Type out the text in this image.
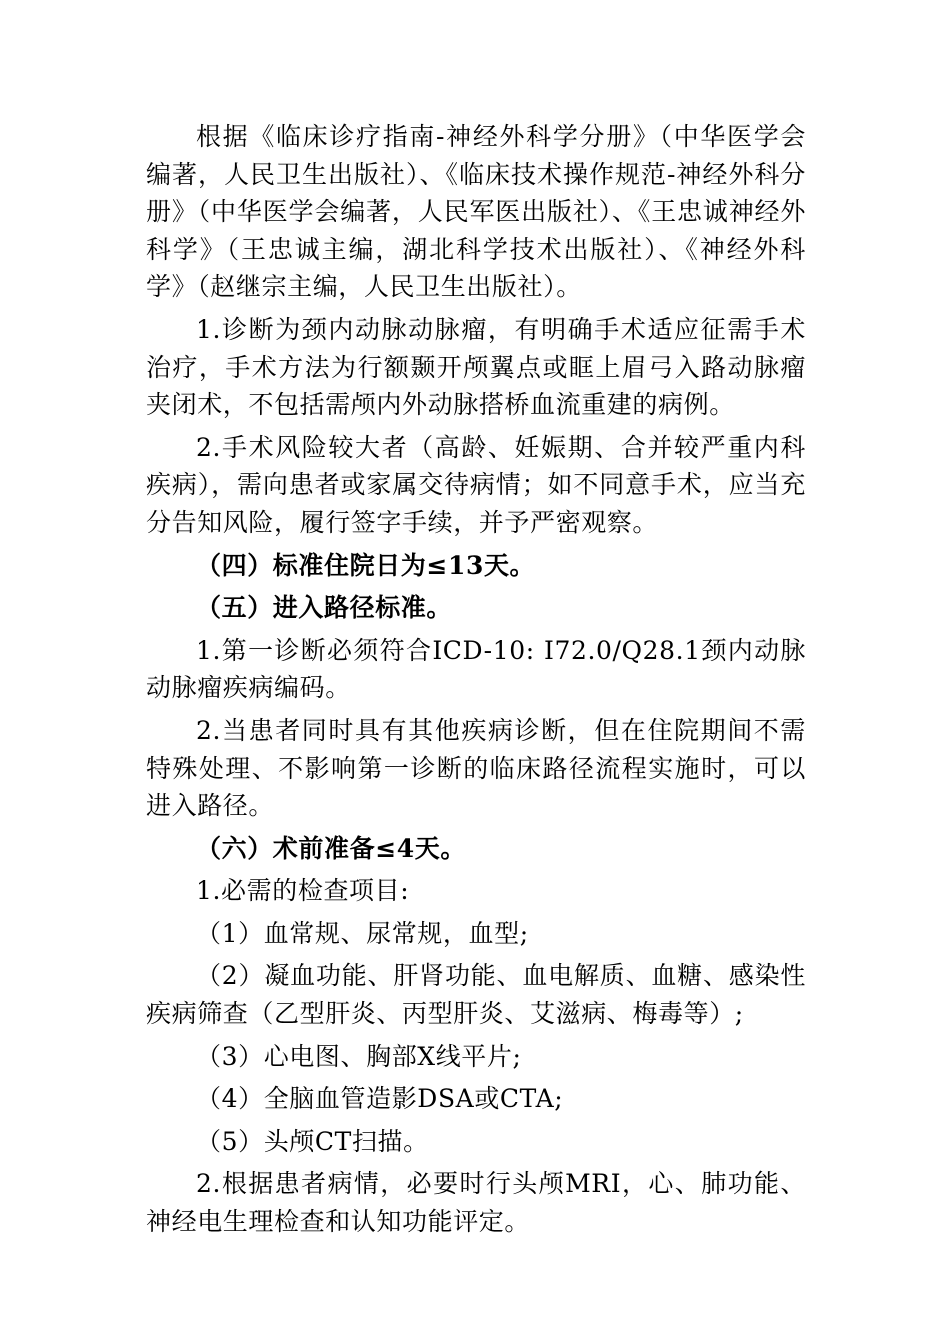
根据《临床诊疗指南-神经外科学分册》（中华医学会编著，人民卫生出版社）、《临床技术操作规范-神经外科分册》（中华医学会编著，人民军医出版社）、《王忠诚神经外科学》（王忠诚主编，湖北科学技术出版社）、《神经外科学》（赵继宗主编，人民卫生出版社）。

1.诊断为颈内动脉动脉瘤，有明确手术适应征需手术治疗，手术方法为行额颞开颅翼点或眶上眉弓入路动脉瘤夹闭术，不包括需颅内外动脉搭桥血流重建的病例。

2.手术风险较大者（高龄、妊娠期、合并较严重内科疾病），需向患者或家属交待病情；如不同意手术，应当充分告知风险，履行签字手续，并予严密观察。

（四）标准住院日为≤13天。

（五）进入路径标准。

1.第一诊断必须符合ICD-10: I72.0/Q28.1颈内动脉动脉瘤疾病编码。

2.当患者同时具有其他疾病诊断，但在住院期间不需特殊处理、不影响第一诊断的临床路径流程实施时，可以进入路径。

（六）术前准备≤4天。

1.必需的检查项目:

（1）血常规、尿常规，血型;

（2）凝血功能、肝肾功能、血电解质、血糖、感染性疾病筛查（乙型肝炎、丙型肝炎、艾滋病、梅毒等）;

（3）心电图、胸部X线平片;

（4）全脑血管造影DSA或CTA;

（5）头颅CT扫描。

2.根据患者病情，必要时行头颅MRI，心、肺功能、神经电生理检查和认知功能评定。
